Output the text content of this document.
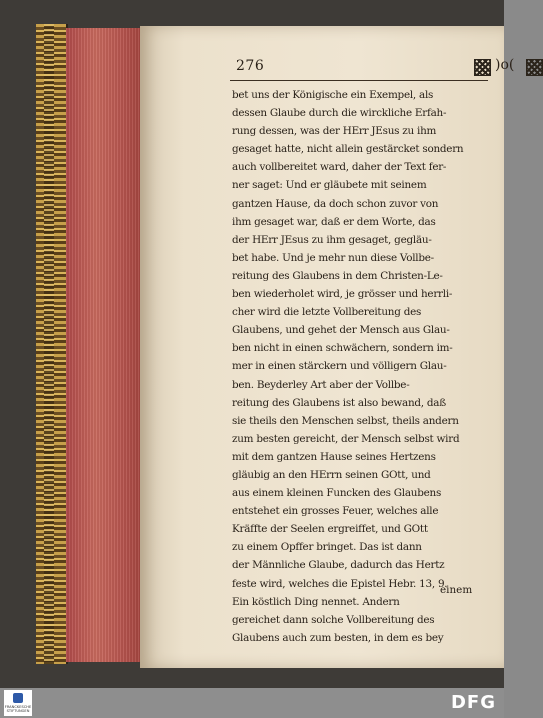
276	)o(
bet uns der Königische ein Exempel, als
dessen Glaube durch die wirckliche Erfah-
rung dessen, was der HErr JEsus zu ihm
gesaget hatte, nicht allein gestärcket sondern
auch vollbereitet ward, daher der Text fer-
ner saget: Und er gläubete mit seinem
gantzen Hause, da doch schon zuvor von
ihm gesaget war, daß er dem Worte, das
der HErr JEsus zu ihm gesaget, gegläu-
bet habe. Und je mehr nun diese Vollbe-
reitung des Glaubens in dem Christen-Le-
ben wiederholet wird, je grösser und herrli-
cher wird die letzte Vollbereitung des
Glaubens, und gehet der Mensch aus Glau-
ben nicht in einen schwächern, sondern im-
mer in einen stärckern und völligern Glau-
ben. Beyderley Art aber der Vollbe-
reitung des Glaubens ist also bewand, daß
sie theils den Menschen selbst, theils andern
zum besten gereicht, der Mensch selbst wird
mit dem gantzen Hause seines Hertzens
gläubig an den HErrn seinen GOtt, und
aus einem kleinen Funcken des Glaubens
entstehet ein grosses Feuer, welches alle
Kräffte der Seelen ergreiffet, und GOtt
zu einem Opffer bringet. Das ist dann
der Männliche Glaube, dadurch das Hertz
feste wird, welches die Epistel Hebr. 13, 9.
Ein köstlich Ding nennet. Andern
gereichet dann solche Vollbereitung des
Glaubens auch zum besten, in dem es bey
einem
FRANCKESCHE STIFTUNGEN	DFG
